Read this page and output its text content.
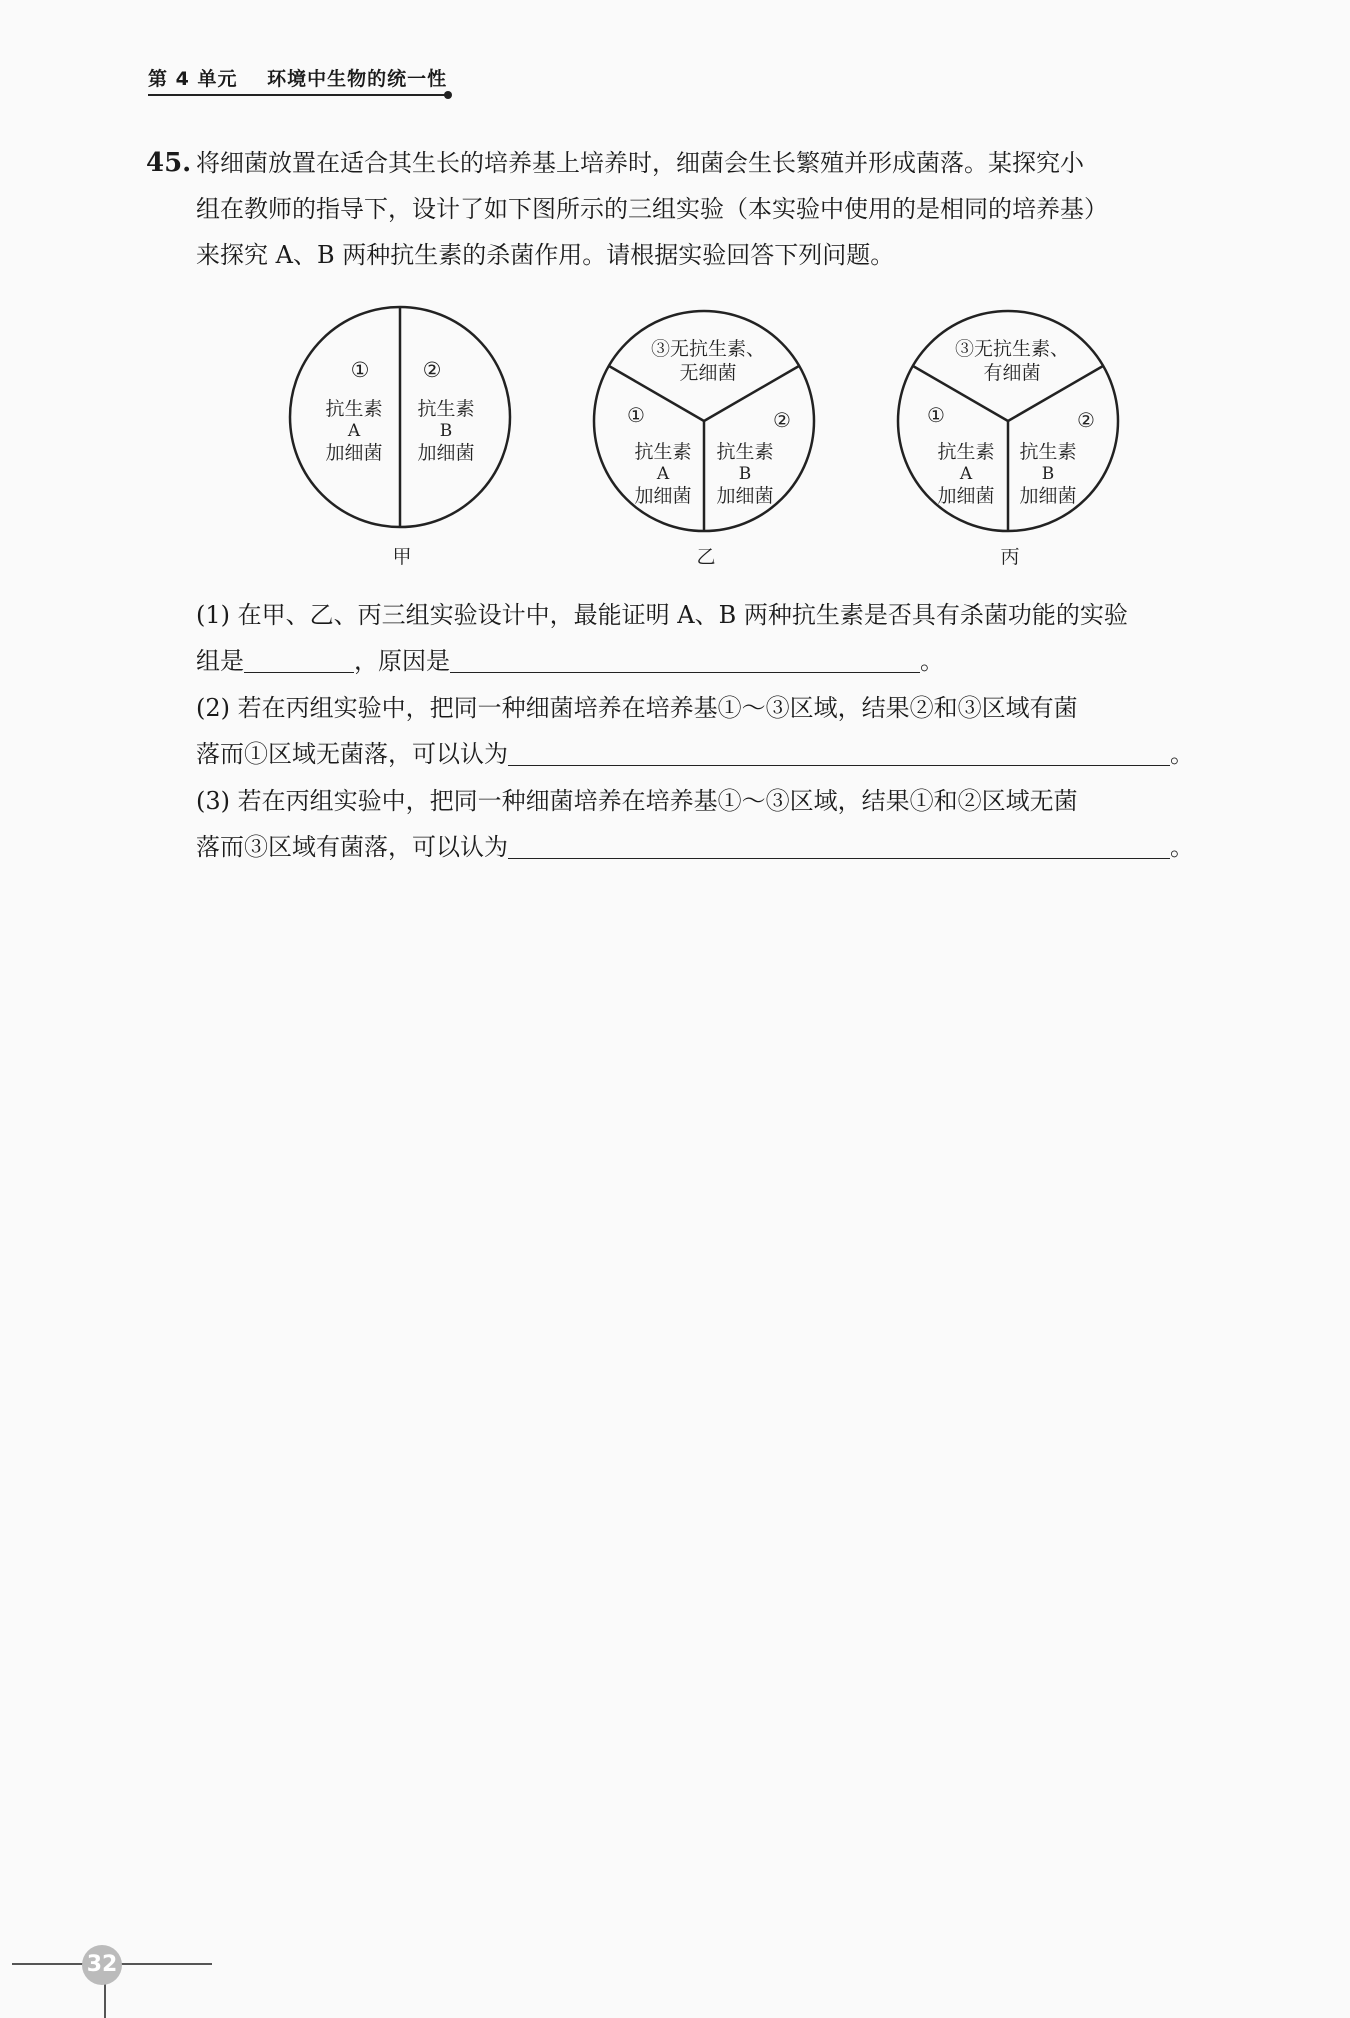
第 4 单元 环境中生物的统一性
45. 将细菌放置在适合其生长的培养基上培养时，细菌会生长繁殖并形成菌落。某探究小
组在教师的指导下，设计了如下图所示的三组实验（本实验中使用的是相同的培养基）
来探究 A、B 两种抗生素的杀菌作用。请根据实验回答下列问题。
①
抗生素
A
加细菌
②
抗生素
B
加细菌
甲
③无抗生素、
无细菌
①
抗生素
A
加细菌
②
抗生素
B
加细菌
乙
③无抗生素、
有细菌
①
抗生素
A
加细菌
②
抗生素
B
加细菌
丙
(1) 在甲、乙、丙三组实验设计中，最能证明 A、B 两种抗生素是否具有杀菌功能的实验
组是	，原因是	。
(2) 若在丙组实验中，把同一种细菌培养在培养基①～③区域，结果②和③区域有菌
落而①区域无菌落，可以认为	。
(3) 若在丙组实验中，把同一种细菌培养在培养基①～③区域，结果①和②区域无菌
落而③区域有菌落，可以认为	。
32
